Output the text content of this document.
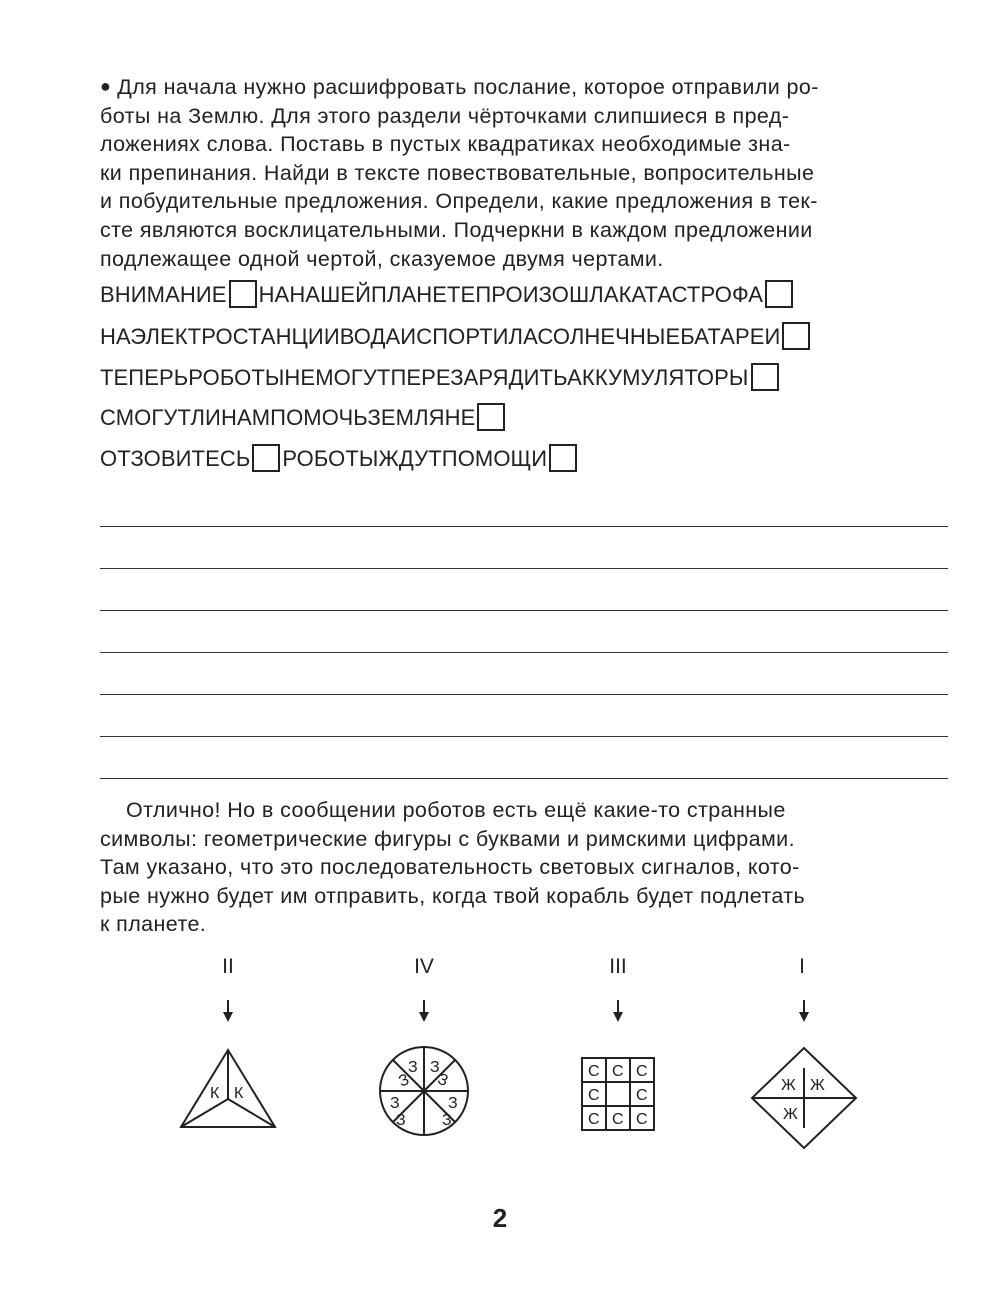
● Для начала нужно расшифровать послание, которое отправили ро-

боты на Землю. Для этого раздели чёрточками слипшиеся в пред-

ложениях слова. Поставь в пустых квадратиках необходимые зна-

ки препинания. Найди в тексте повествовательные, вопросительные

и побудительные предложения. Определи, какие предложения в тек-

сте являются восклицательными. Подчеркни в каждом предложении

подлежащее одной чертой, сказуемое двумя чертами.

ВНИМАНИЕ НАНАШЕЙПЛАНЕТЕПРОИЗОШЛАКАТАСТРОФА
НАЭЛЕКТРОСТАНЦИИВОДАИСПОРТИЛАСОЛНЕЧНЫЕБАТАРЕИ
ТЕПЕРЬРОБОТЫНЕМОГУТПЕРЕЗАРЯДИТЬАККУМУЛЯТОРЫ
СМОГУТЛИНАМПОМОЧЬЗЕМЛЯНЕ
ОТЗОВИТЕСЬ РОБОТЫЖДУТПОМОЩИ

Отлично! Но в сообщении роботов есть ещё какие-то странные

символы: геометрические фигуры с буквами и римскими цифрами.

Там указано, что это последовательность световых сигналов, кото-

рые нужно будет им отправить, когда твой корабль будет подлетать

к планете.

II	IV	III	I
К К
З З
З З
З	З
З З
С С С
С С
С С С
Ж Ж
Ж
2
